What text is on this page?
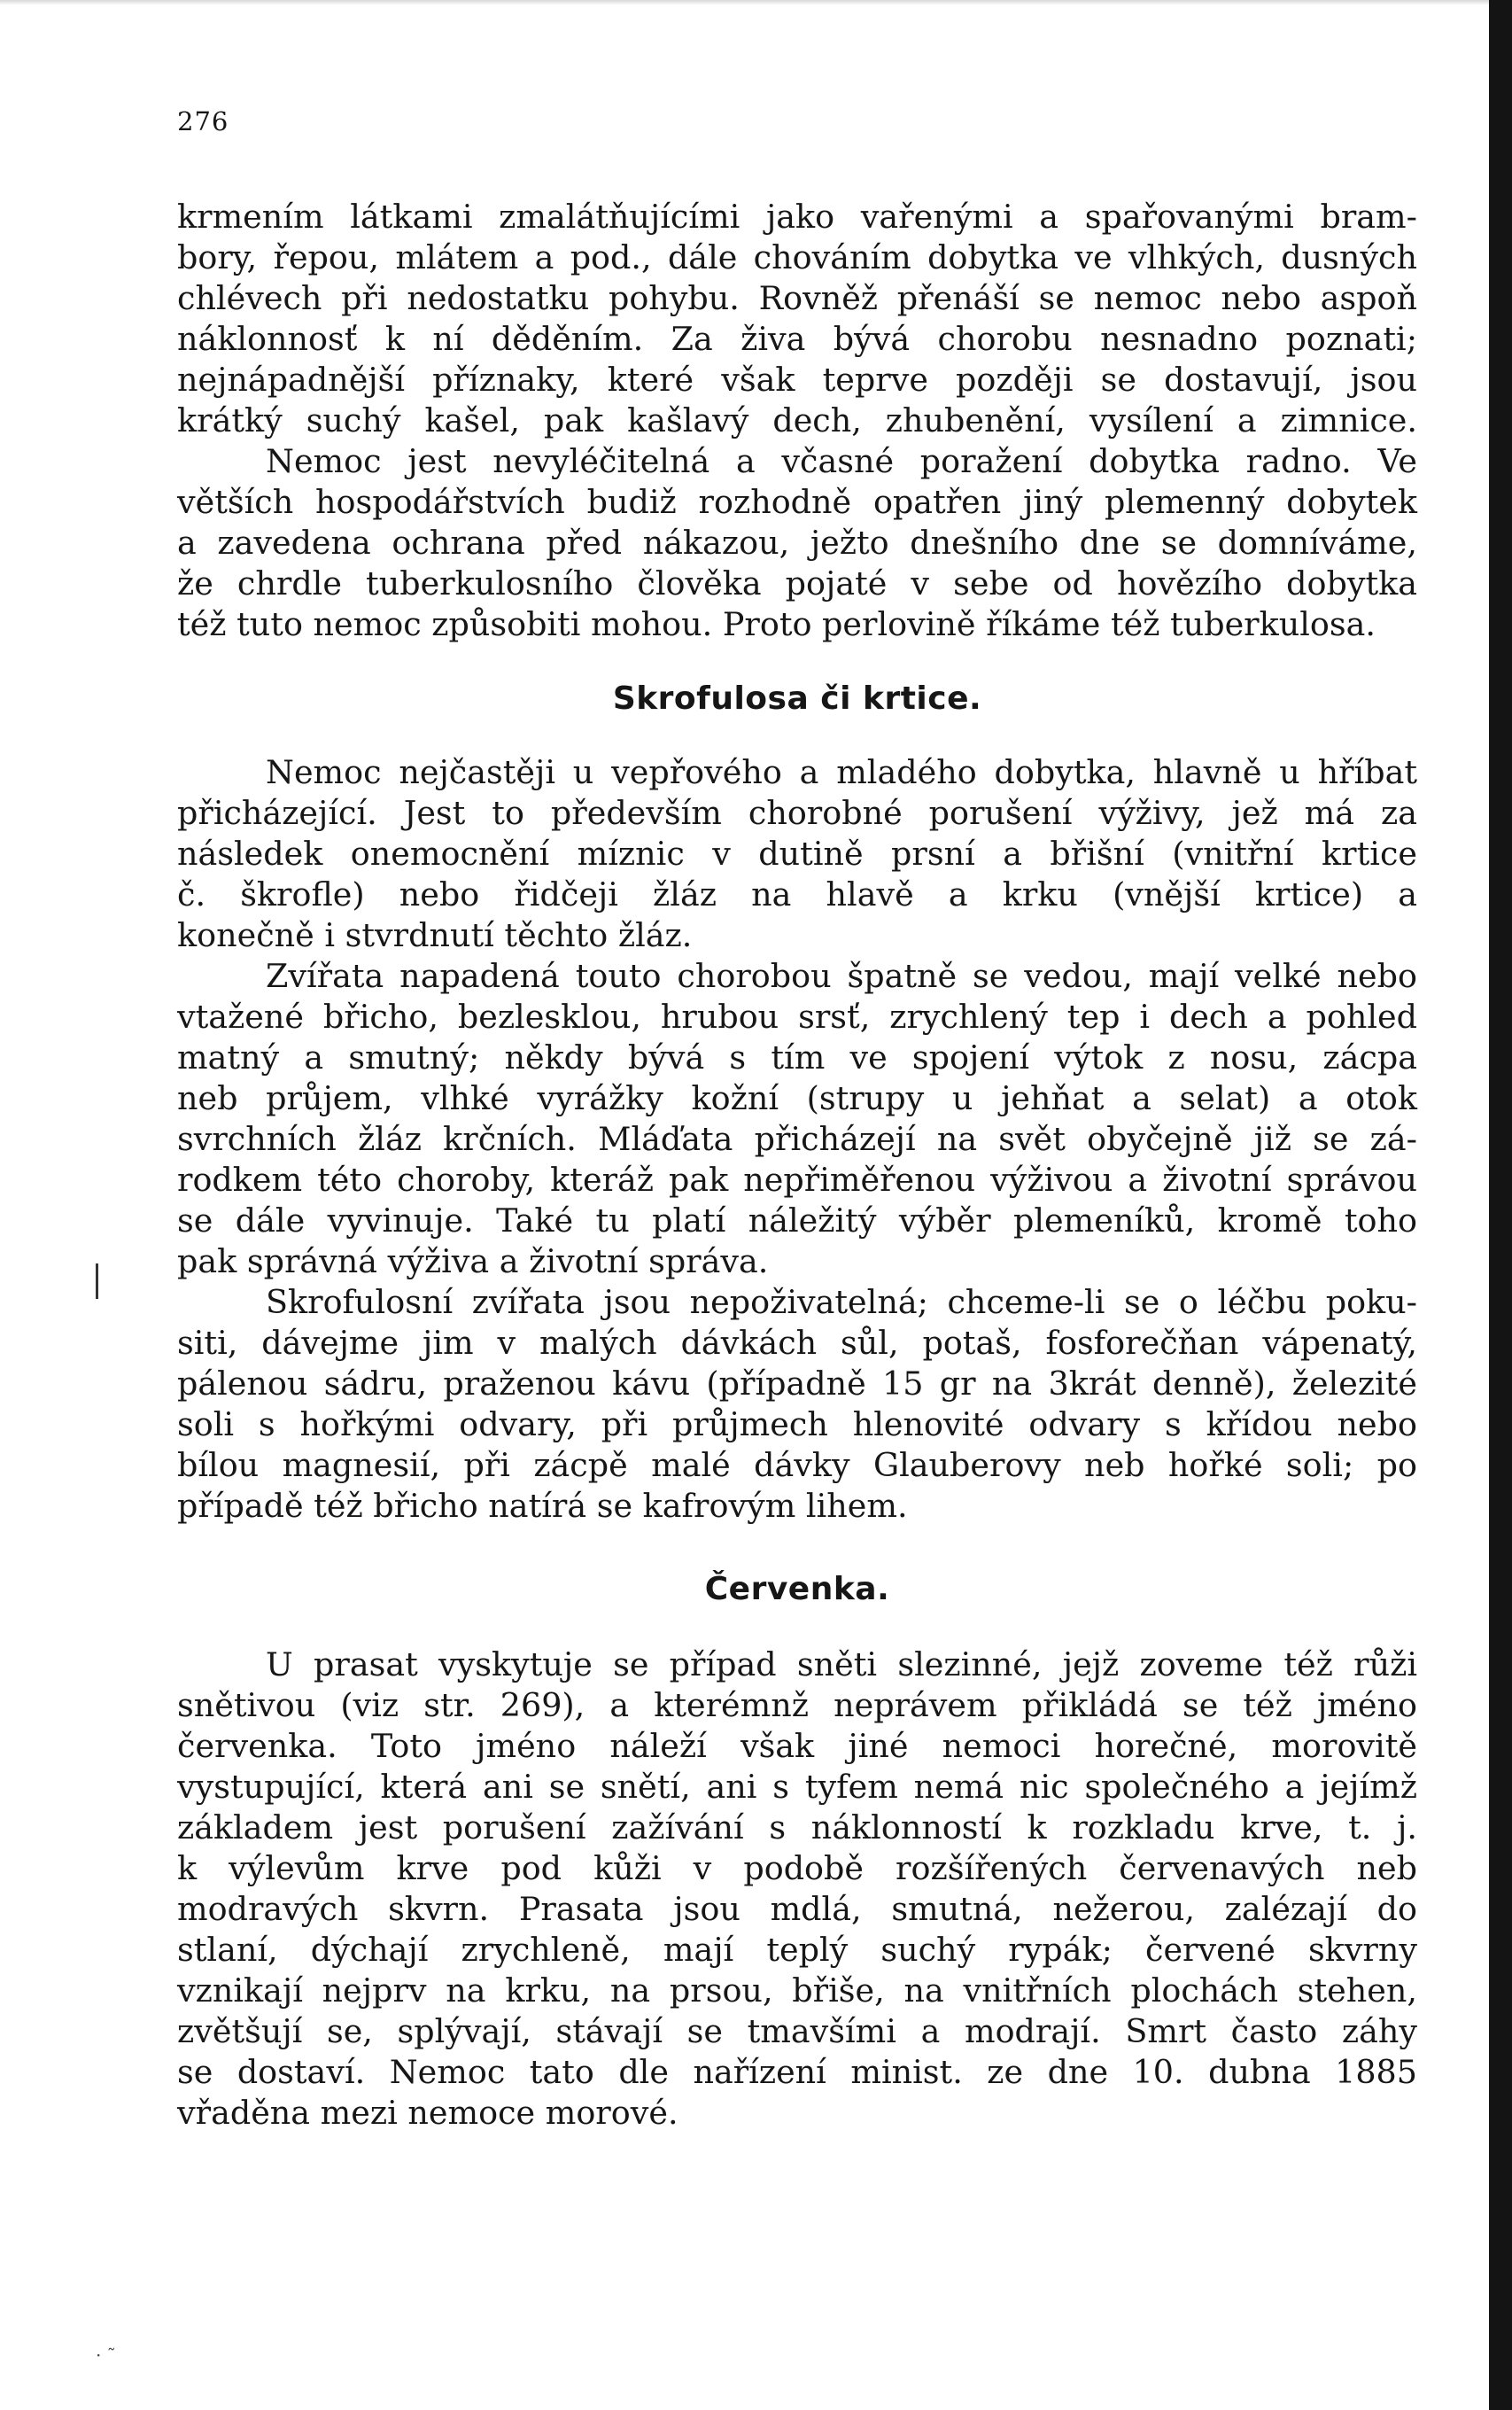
· ˜
276
krmením látkami zmalátňujícími jako vařenými a spařovanými bram-
bory, řepou, mlátem a pod., dále chováním dobytka ve vlhkých, dusných
chlévech při nedostatku pohybu. Rovněž přenáší se nemoc nebo aspoň
náklonnosť k ní děděním. Za živa bývá chorobu nesnadno poznati;
nejnápadnější příznaky, které však teprve později se dostavují, jsou
krátký suchý kašel, pak kašlavý dech, zhubenění, vysílení a zimnice.
Nemoc jest nevyléčitelná a včasné poražení dobytka radno. Ve
větších hospodářstvích budiž rozhodně opatřen jiný plemenný dobytek
a zavedena ochrana před nákazou, ježto dnešního dne se domníváme,
že chrdle tuberkulosního člověka pojaté v sebe od hovězího dobytka
též tuto nemoc způsobiti mohou. Proto perlovině říkáme též tuberkulosa.
Skrofulosa či krtice.
Nemoc nejčastěji u vepřového a mladého dobytka, hlavně u hříbat
přicházející. Jest to především chorobné porušení výživy, jež má za
následek onemocnění míznic v dutině prsní a břišní (vnitřní krtice
č. škrofle) nebo řidčeji žláz na hlavě a krku (vnější krtice) a
konečně i stvrdnutí těchto žláz.
Zvířata napadená touto chorobou špatně se vedou, mají velké nebo
vtažené břicho, bezlesklou, hrubou srsť, zrychlený tep i dech a pohled
matný a smutný; někdy bývá s tím ve spojení výtok z nosu, zácpa
neb průjem, vlhké vyrážky kožní (strupy u jehňat a selat) a otok
svrchních žláz krčních. Mláďata přicházejí na svět obyčejně již se zá-
rodkem této choroby, kteráž pak nepřiměřenou výživou a životní správou
se dále vyvinuje. Také tu platí náležitý výběr plemeníků, kromě toho
pak správná výživa a životní správa.
Skrofulosní zvířata jsou nepoživatelná; chceme-li se o léčbu poku-
siti, dávejme jim v malých dávkách sůl, potaš, fosforečňan vápenatý,
pálenou sádru, praženou kávu (případně 15 gr na 3krát denně), železité
soli s hořkými odvary, při průjmech hlenovité odvary s křídou nebo
bílou magnesií, při zácpě malé dávky Glauberovy neb hořké soli; po
případě též břicho natírá se kafrovým lihem.
Červenka.
U prasat vyskytuje se případ sněti slezinné, jejž zoveme též růži
snětivou (viz str. 269), a kterémnž neprávem přikládá se též jméno
červenka. Toto jméno náleží však jiné nemoci horečné, morovitě
vystupující, která ani se snětí, ani s tyfem nemá nic společného a jejímž
základem jest porušení zažívání s náklonností k rozkladu krve, t. j.
k výlevům krve pod kůži v podobě rozšířených červenavých neb
modravých skvrn. Prasata jsou mdlá, smutná, nežerou, zalézají do
stlaní, dýchají zrychleně, mají teplý suchý rypák; červené skvrny
vznikají nejprv na krku, na prsou, břiše, na vnitřních plochách stehen,
zvětšují se, splývají, stávají se tmavšími a modrají. Smrt často záhy
se dostaví. Nemoc tato dle nařízení minist. ze dne 10. dubna 1885
vřaděna mezi nemoce morové.
